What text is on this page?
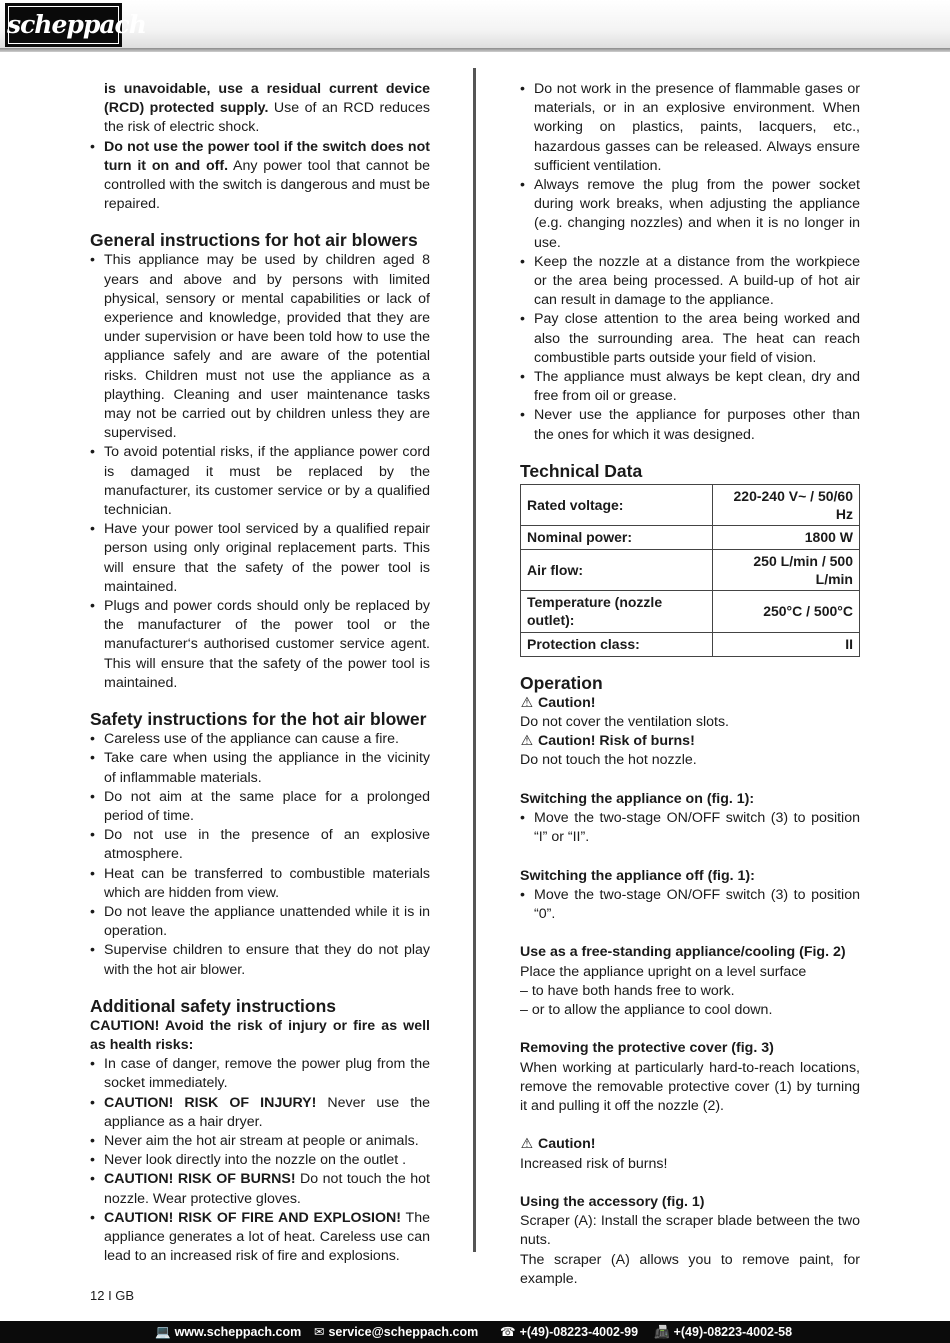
scheppach
is unavoidable, use a residual current device (RCD) protected supply. Use of an RCD reduces the risk of electric shock.
• Do not use the power tool if the switch does not turn it on and off. Any power tool that cannot be controlled with the switch is dangerous and must be repaired.
General instructions for hot air blowers
• This appliance may be used by children aged 8 years and above and by persons with limited physical, sensory or mental capabilities or lack of experience and knowledge, provided that they are under supervision or have been told how to use the appliance safely and are aware of the potential risks. Children must not use the appliance as a plaything. Cleaning and user maintenance tasks may not be carried out by children unless they are supervised.
• To avoid potential risks, if the appliance power cord is damaged it must be replaced by the manufacturer, its customer service or by a qualified technician.
• Have your power tool serviced by a qualified repair person using only original replacement parts. This will ensure that the safety of the power tool is maintained.
• Plugs and power cords should only be replaced by the manufacturer of the power tool or the manufacturer‘s authorised customer service agent. This will ensure that the safety of the power tool is maintained.
Safety instructions for the hot air blower
• Careless use of the appliance can cause a fire.
• Take care when using the appliance in the vicinity of inflammable materials.
• Do not aim at the same place for a prolonged period of time.
• Do not use in the presence of an explosive atmosphere.
• Heat can be transferred to combustible materials which are hidden from view.
• Do not leave the appliance unattended while it is in operation.
• Supervise children to ensure that they do not play with the hot air blower.
Additional safety instructions

CAUTION! Avoid the risk of injury or fire as well as health risks:

• In case of danger, remove the power plug from the socket immediately.
• CAUTION! RISK OF INJURY! Never use the appliance as a hair dryer.
• Never aim the hot air stream at people or animals.
• Never look directly into the nozzle on the outlet .
• CAUTION! RISK OF BURNS! Do not touch the hot nozzle. Wear protective gloves.
• CAUTION! RISK OF FIRE AND EXPLOSION! The appliance generates a lot of heat. Careless use can lead to an increased risk of fire and explosions.
• Do not work in the presence of flammable gases or materials, or in an explosive environment. When working on plastics, paints, lacquers, etc., hazardous gasses can be released. Always ensure sufficient ventilation.
• Always remove the plug from the power socket during work breaks, when adjusting the appliance (e.g. changing nozzles) and when it is no longer in use.
• Keep the nozzle at a distance from the workpiece or the area being processed. A build-up of hot air can result in damage to the appliance.
• Pay close attention to the area being worked and also the surrounding area. The heat can reach combustible parts outside your field of vision.
• The appliance must always be kept clean, dry and free from oil or grease.
• Never use the appliance for purposes other than the ones for which it was designed.
Technical Data
Rated voltage:	220-240 V~ / 50/60 Hz
Nominal power:	1800 W
Air flow:	250 L/min / 500 L/min
Temperature (nozzle outlet):	250°C / 500°C
Protection class:	II
Operation

⚠ Caution!

Do not cover the ventilation slots.

⚠ Caution! Risk of burns!

Do not touch the hot nozzle.

Switching the appliance on (fig. 1):
• Move the two-stage ON/OFF switch (3) to position “I” or “II”.
Switching the appliance off (fig. 1):
• Move the two-stage ON/OFF switch (3) to position “0”.
Use as a free-standing appliance/cooling (Fig. 2)

Place the appliance upright on a level surface

– to have both hands free to work.

– or to allow the appliance to cool down.

Removing the protective cover (fig. 3)

When working at particularly hard-to-reach locations, remove the removable protective cover (1) by turning it and pulling it off the nozzle (2).

⚠ Caution!

Increased risk of burns!

Using the accessory (fig. 1)

Scraper (A): Install the scraper blade between the two nuts.

The scraper (A) allows you to remove paint, for example.

12 I GB
💻 www.scheppach.com ✉ service@scheppach.com ☎ +(49)-08223-4002-99 📠 +(49)-08223-4002-58
